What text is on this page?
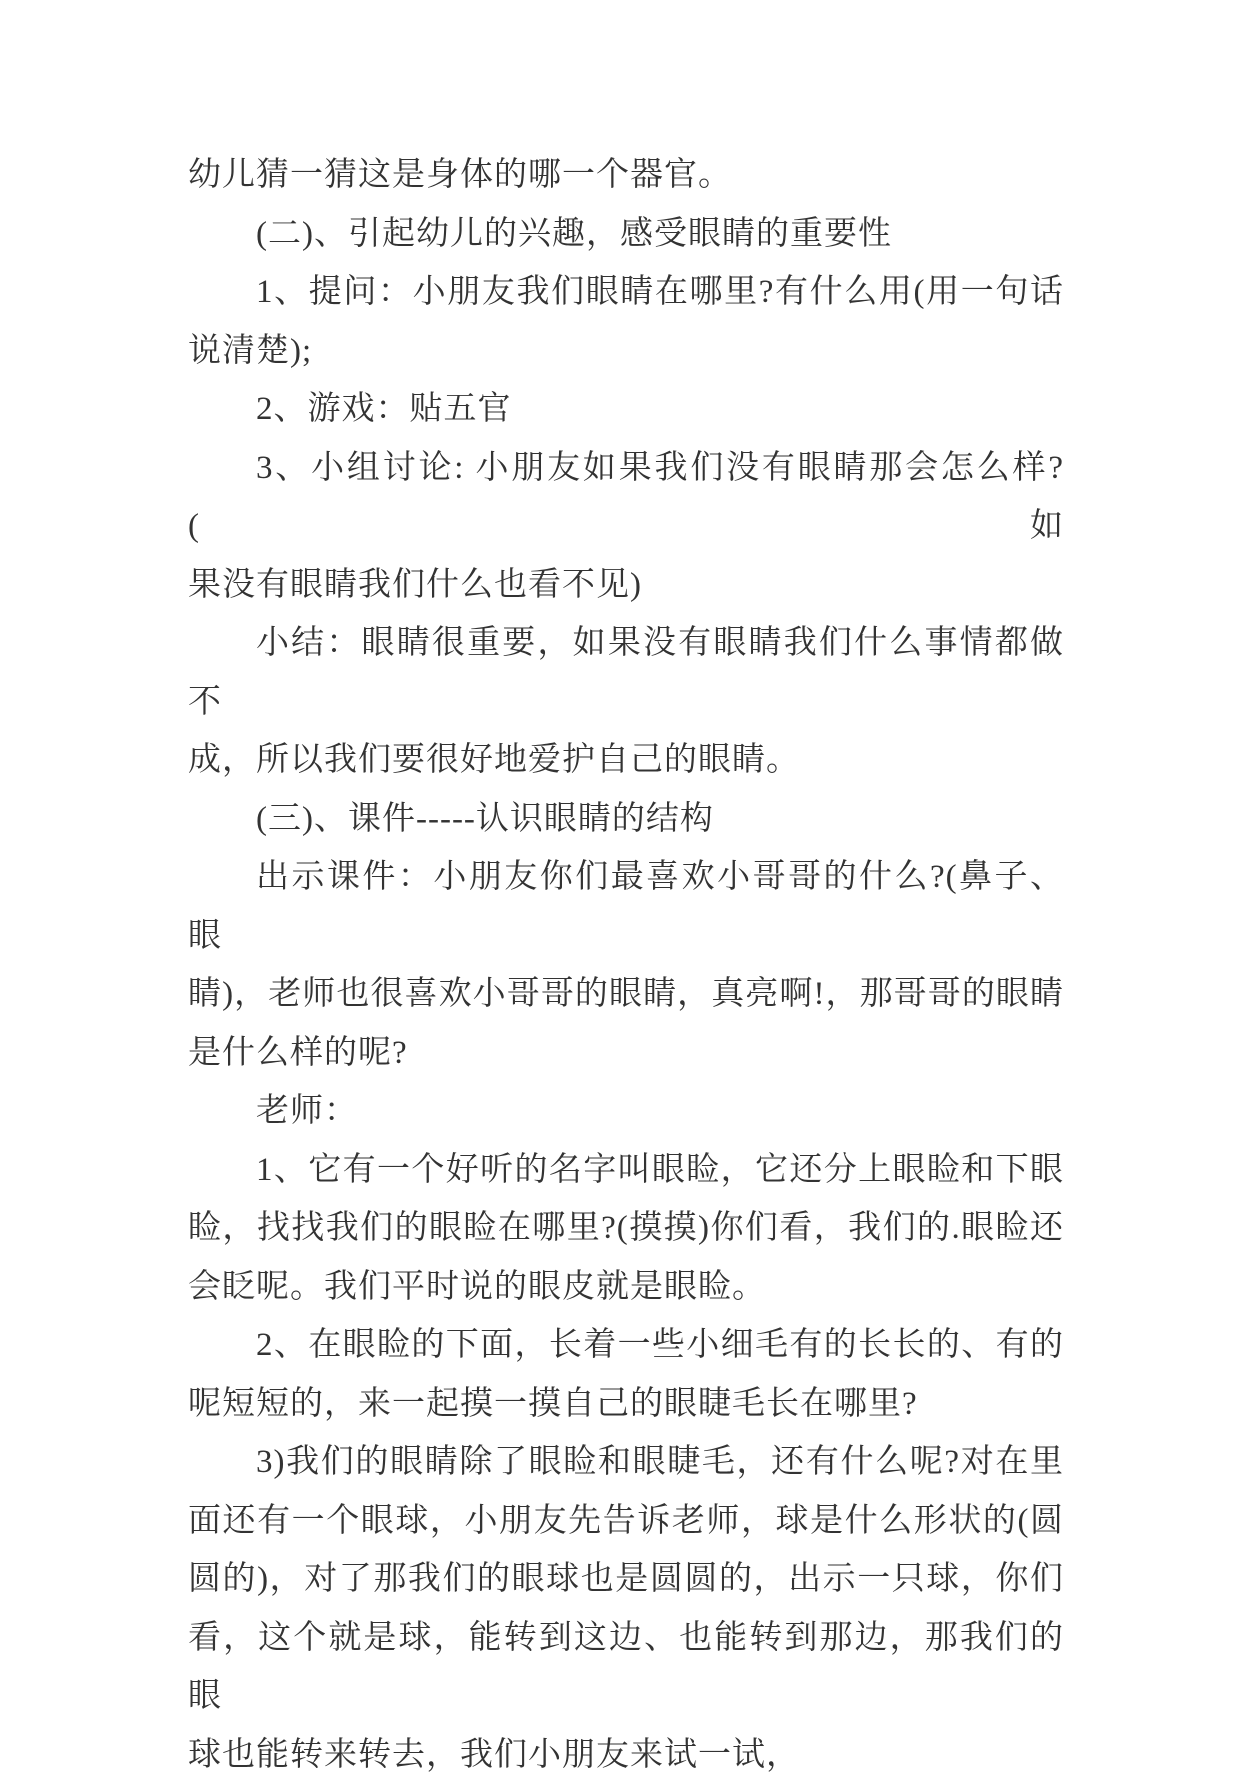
幼儿猜一猜这是身体的哪一个器官。
(二)、引起幼儿的兴趣，感受眼睛的重要性
1、提问：小朋友我们眼睛在哪里?有什么用(用一句话
说清楚);
2、游戏：贴五官
3、小组讨论: 小朋友如果我们没有眼睛那会怎么样?(如
果没有眼睛我们什么也看不见)
小结：眼睛很重要，如果没有眼睛我们什么事情都做不
成，所以我们要很好地爱护自己的眼睛。
(三)、课件-----认识眼睛的结构
出示课件：小朋友你们最喜欢小哥哥的什么?(鼻子、眼
睛)，老师也很喜欢小哥哥的眼睛，真亮啊!，那哥哥的眼睛
是什么样的呢?
老师：
1、它有一个好听的名字叫眼睑，它还分上眼睑和下眼
睑，找找我们的眼睑在哪里?(摸摸)你们看，我们的.眼睑还
会眨呢。我们平时说的眼皮就是眼睑。
2、在眼睑的下面，长着一些小细毛有的长长的、有的
呢短短的，来一起摸一摸自己的眼睫毛长在哪里?
3)我们的眼睛除了眼睑和眼睫毛，还有什么呢?对在里
面还有一个眼球，小朋友先告诉老师，球是什么形状的(圆
圆的)，对了那我们的眼球也是圆圆的，出示一只球，你们
看，这个就是球，能转到这边、也能转到那边，那我们的眼
球也能转来转去，我们小朋友来试一试，
